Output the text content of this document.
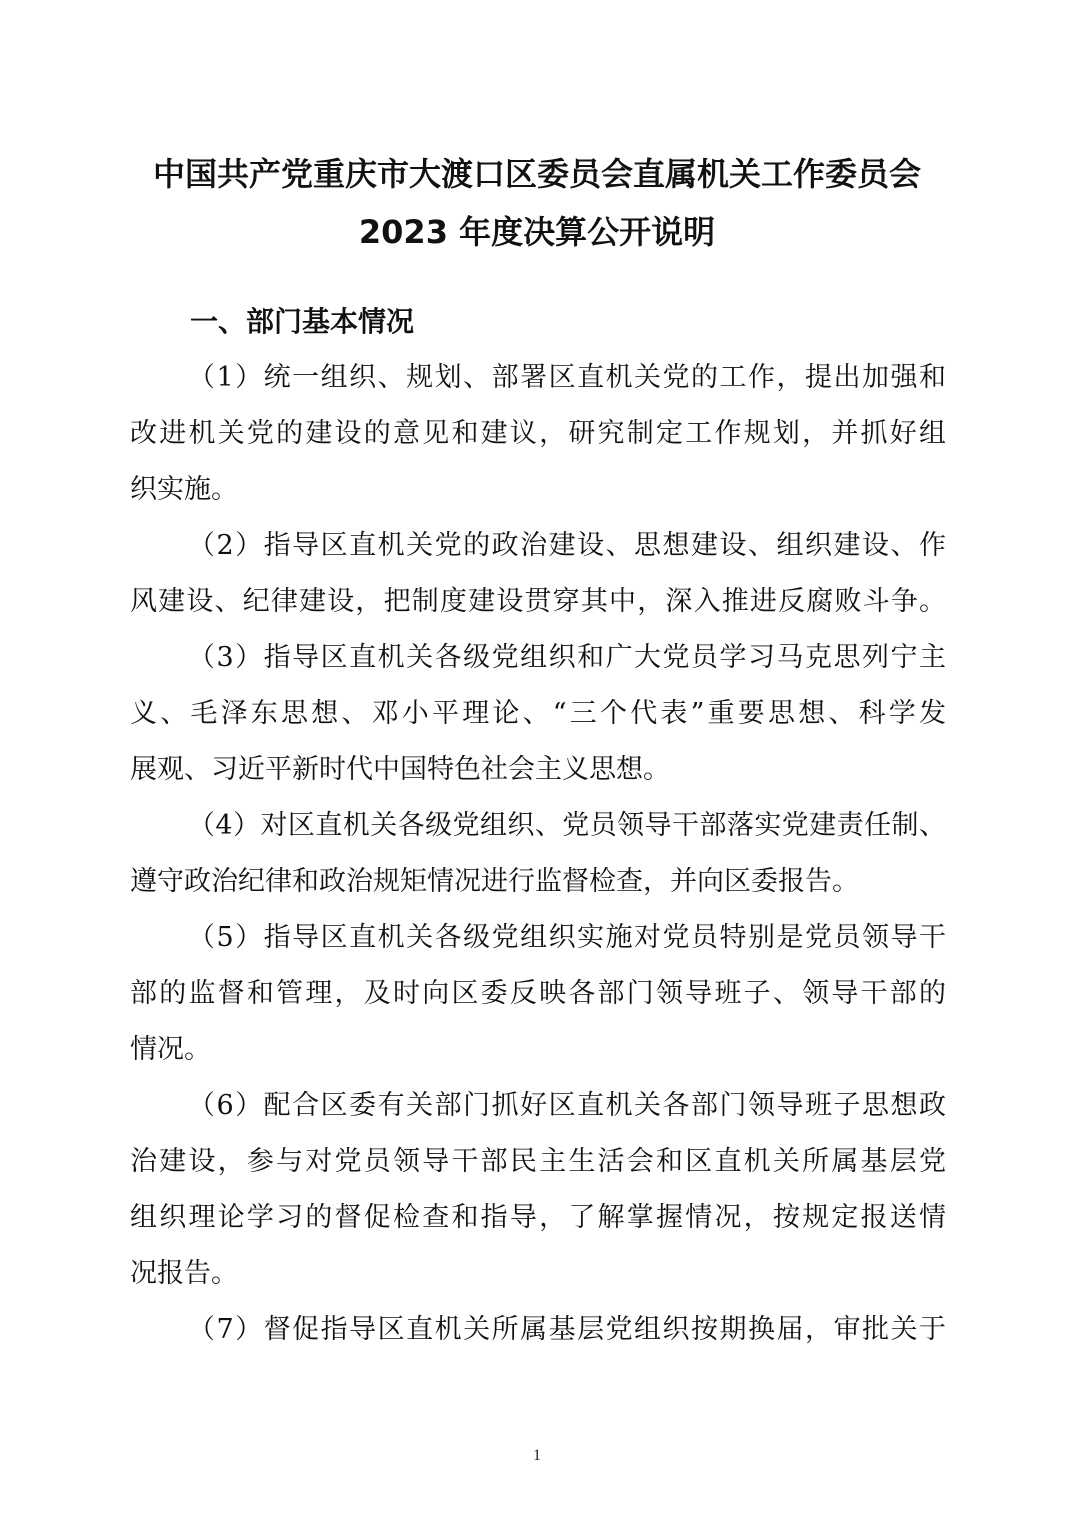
中国共产党重庆市大渡口区委员会直属机关工作委员会
2023 年度决算公开说明
一、部门基本情况
（1）统一组织、规划、部署区直机关党的工作，提出加强和
改进机关党的建设的意见和建议，研究制定工作规划，并抓好组
织实施。
（2）指导区直机关党的政治建设、思想建设、组织建设、作
风建设、纪律建设，把制度建设贯穿其中，深入推进反腐败斗争。
（3）指导区直机关各级党组织和广大党员学习马克思列宁主
义、毛泽东思想、邓小平理论、“三个代表”重要思想、科学发
展观、习近平新时代中国特色社会主义思想。
（4）对区直机关各级党组织、党员领导干部落实党建责任制、
遵守政治纪律和政治规矩情况进行监督检查，并向区委报告。
（5）指导区直机关各级党组织实施对党员特别是党员领导干
部的监督和管理，及时向区委反映各部门领导班子、领导干部的
情况。
（6）配合区委有关部门抓好区直机关各部门领导班子思想政
治建设，参与对党员领导干部民主生活会和区直机关所属基层党
组织理论学习的督促检查和指导，了解掌握情况，按规定报送情
况报告。
（7）督促指导区直机关所属基层党组织按期换届，审批关于
1
